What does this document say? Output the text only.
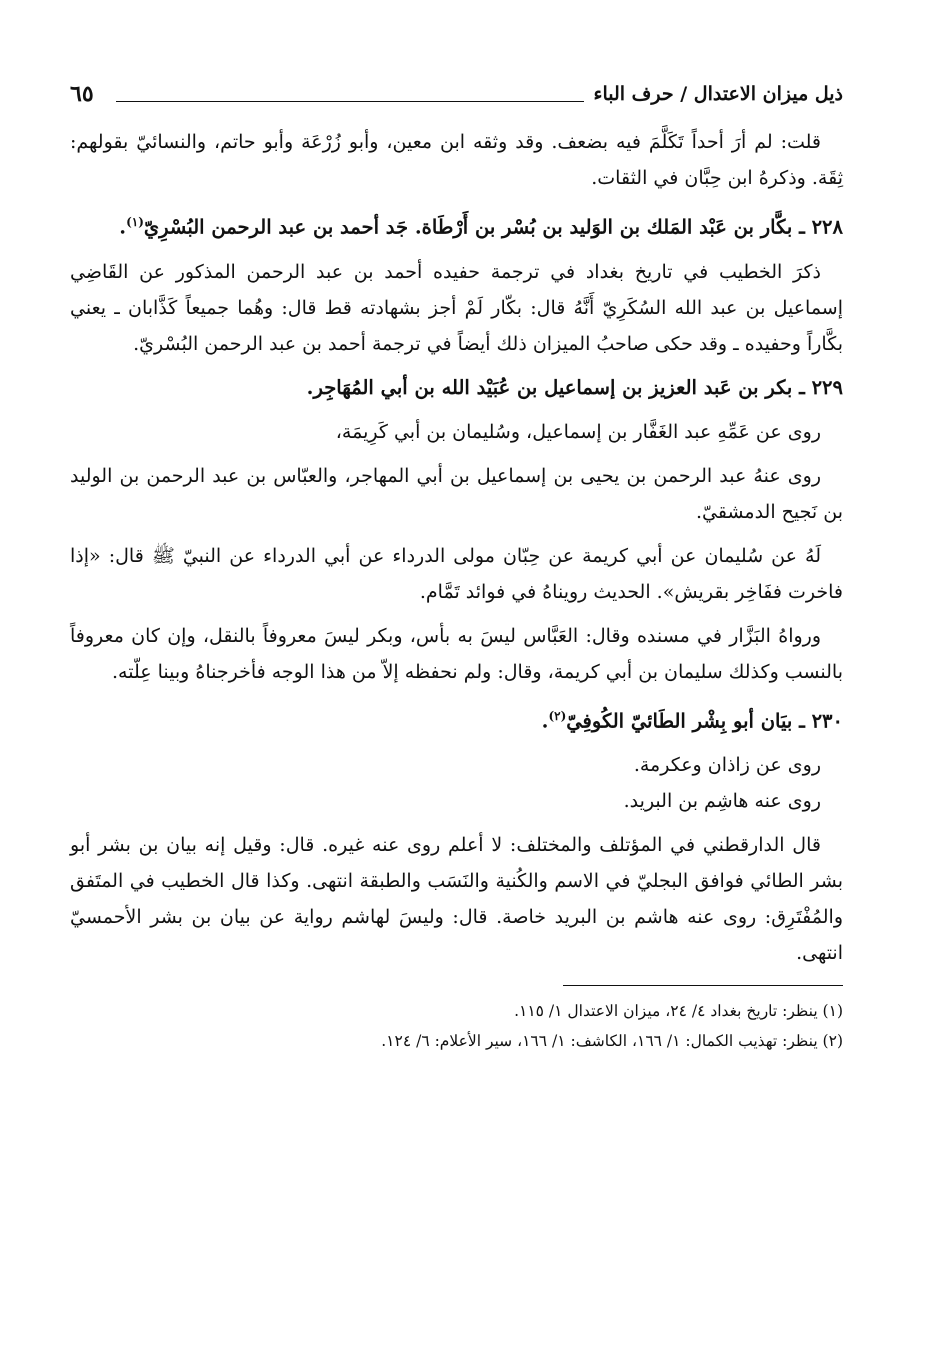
ذيل ميزان الاعتدال / حرف الباء
٦٥

قلت: لم أرَ أحداً تَكَلَّمَ فيه بضعف. وقد وثقه ابن معين، وأبو زُرْعَة وأبو حاتم، والنسائيّ بقولهم: ثِقَة. وذكرهُ ابن حِبَّان في الثقات.

٢٢٨ ـ بكَّار بن عَبْد المَلك بن الوَليد بن بُسْر بن أَرْطَاة. جَد أحمد بن عبد الرحمن البُسْرِيّ$^{(١)}$.

ذكرَ الخطيب في تاريخ بغداد في ترجمة حفيده أحمد بن عبد الرحمن المذكور عن القَاضِي إسماعيل بن عبد الله السُكَرِيّ أَنَّهُ قال: بكّار لَمْ أجز بشهادته قط قال: وهُما جميعاً كَذَّابان ـ يعني بكَّاراً وحفيده ـ وقد حكى صاحبُ الميزان ذلك أيضاً في ترجمة أحمد بن عبد الرحمن البُسْريّ.

٢٢٩ ـ بكر بن عَبد العزيز بن إسماعيل بن عُبَيْد الله بن أبي المُهَاجِر.

روى عن عَمِّهِ عبد الغَفَّار بن إسماعيل، وسُليمان بن أبي كَرِيمَة،

روى عنهُ عبد الرحمن بن يحيى بن إسماعيل بن أبي المهاجر، والعبّاس بن عبد الرحمن بن الوليد بن نَجيح الدمشقيّ.

لَهُ عن سُليمان عن أبي كريمة عن حِبّان مولى الدرداء عن أبي الدرداء عن النبيّ ﷺ قال: «إذا فاخرت ففَاخِر بقريش». الحديث رويناهُ في فوائد تَمَّام.

ورواهُ البَزَّار في مسنده وقال: العَبَّاس ليسَ به بأس، وبكر ليسَ معروفاً بالنقل، وإن كان معروفاً بالنسب وكذلك سليمان بن أبي كريمة، وقال: ولم نحفظه إلاّ من هذا الوجه فأخرجناهُ وبينا عِلّته.

٢٣٠ ـ بيَان أبو بِشْر الطَائيّ الكُوفِيّ$^{(٢)}$.

روى عن زاذان وعكرمة.

روى عنه هاشِم بن البريد.

قال الدارقطني في المؤتلف والمختلف: لا أعلم روى عنه غيره. قال: وقيل إنه بيان بن بشر أبو بشر الطائي فوافق البجليّ في الاسم والكُنية والنَسَب والطبقة انتهى. وكذا قال الخطيب في المتَفق والمُفْتَرِق: روى عنه هاشم بن البريد خاصة. قال: وليسَ لهاشم رواية عن بيان بن بشر الأحمسيّ انتهى.

(١) ينظر: تاريخ بغداد ٤/ ٢٤، ميزان الاعتدال ١/ ١١٥.
(٢) ينظر: تهذيب الكمال: ١/ ١٦٦، الكاشف: ١/ ١٦٦، سير الأعلام: ٦/ ١٢٤.
